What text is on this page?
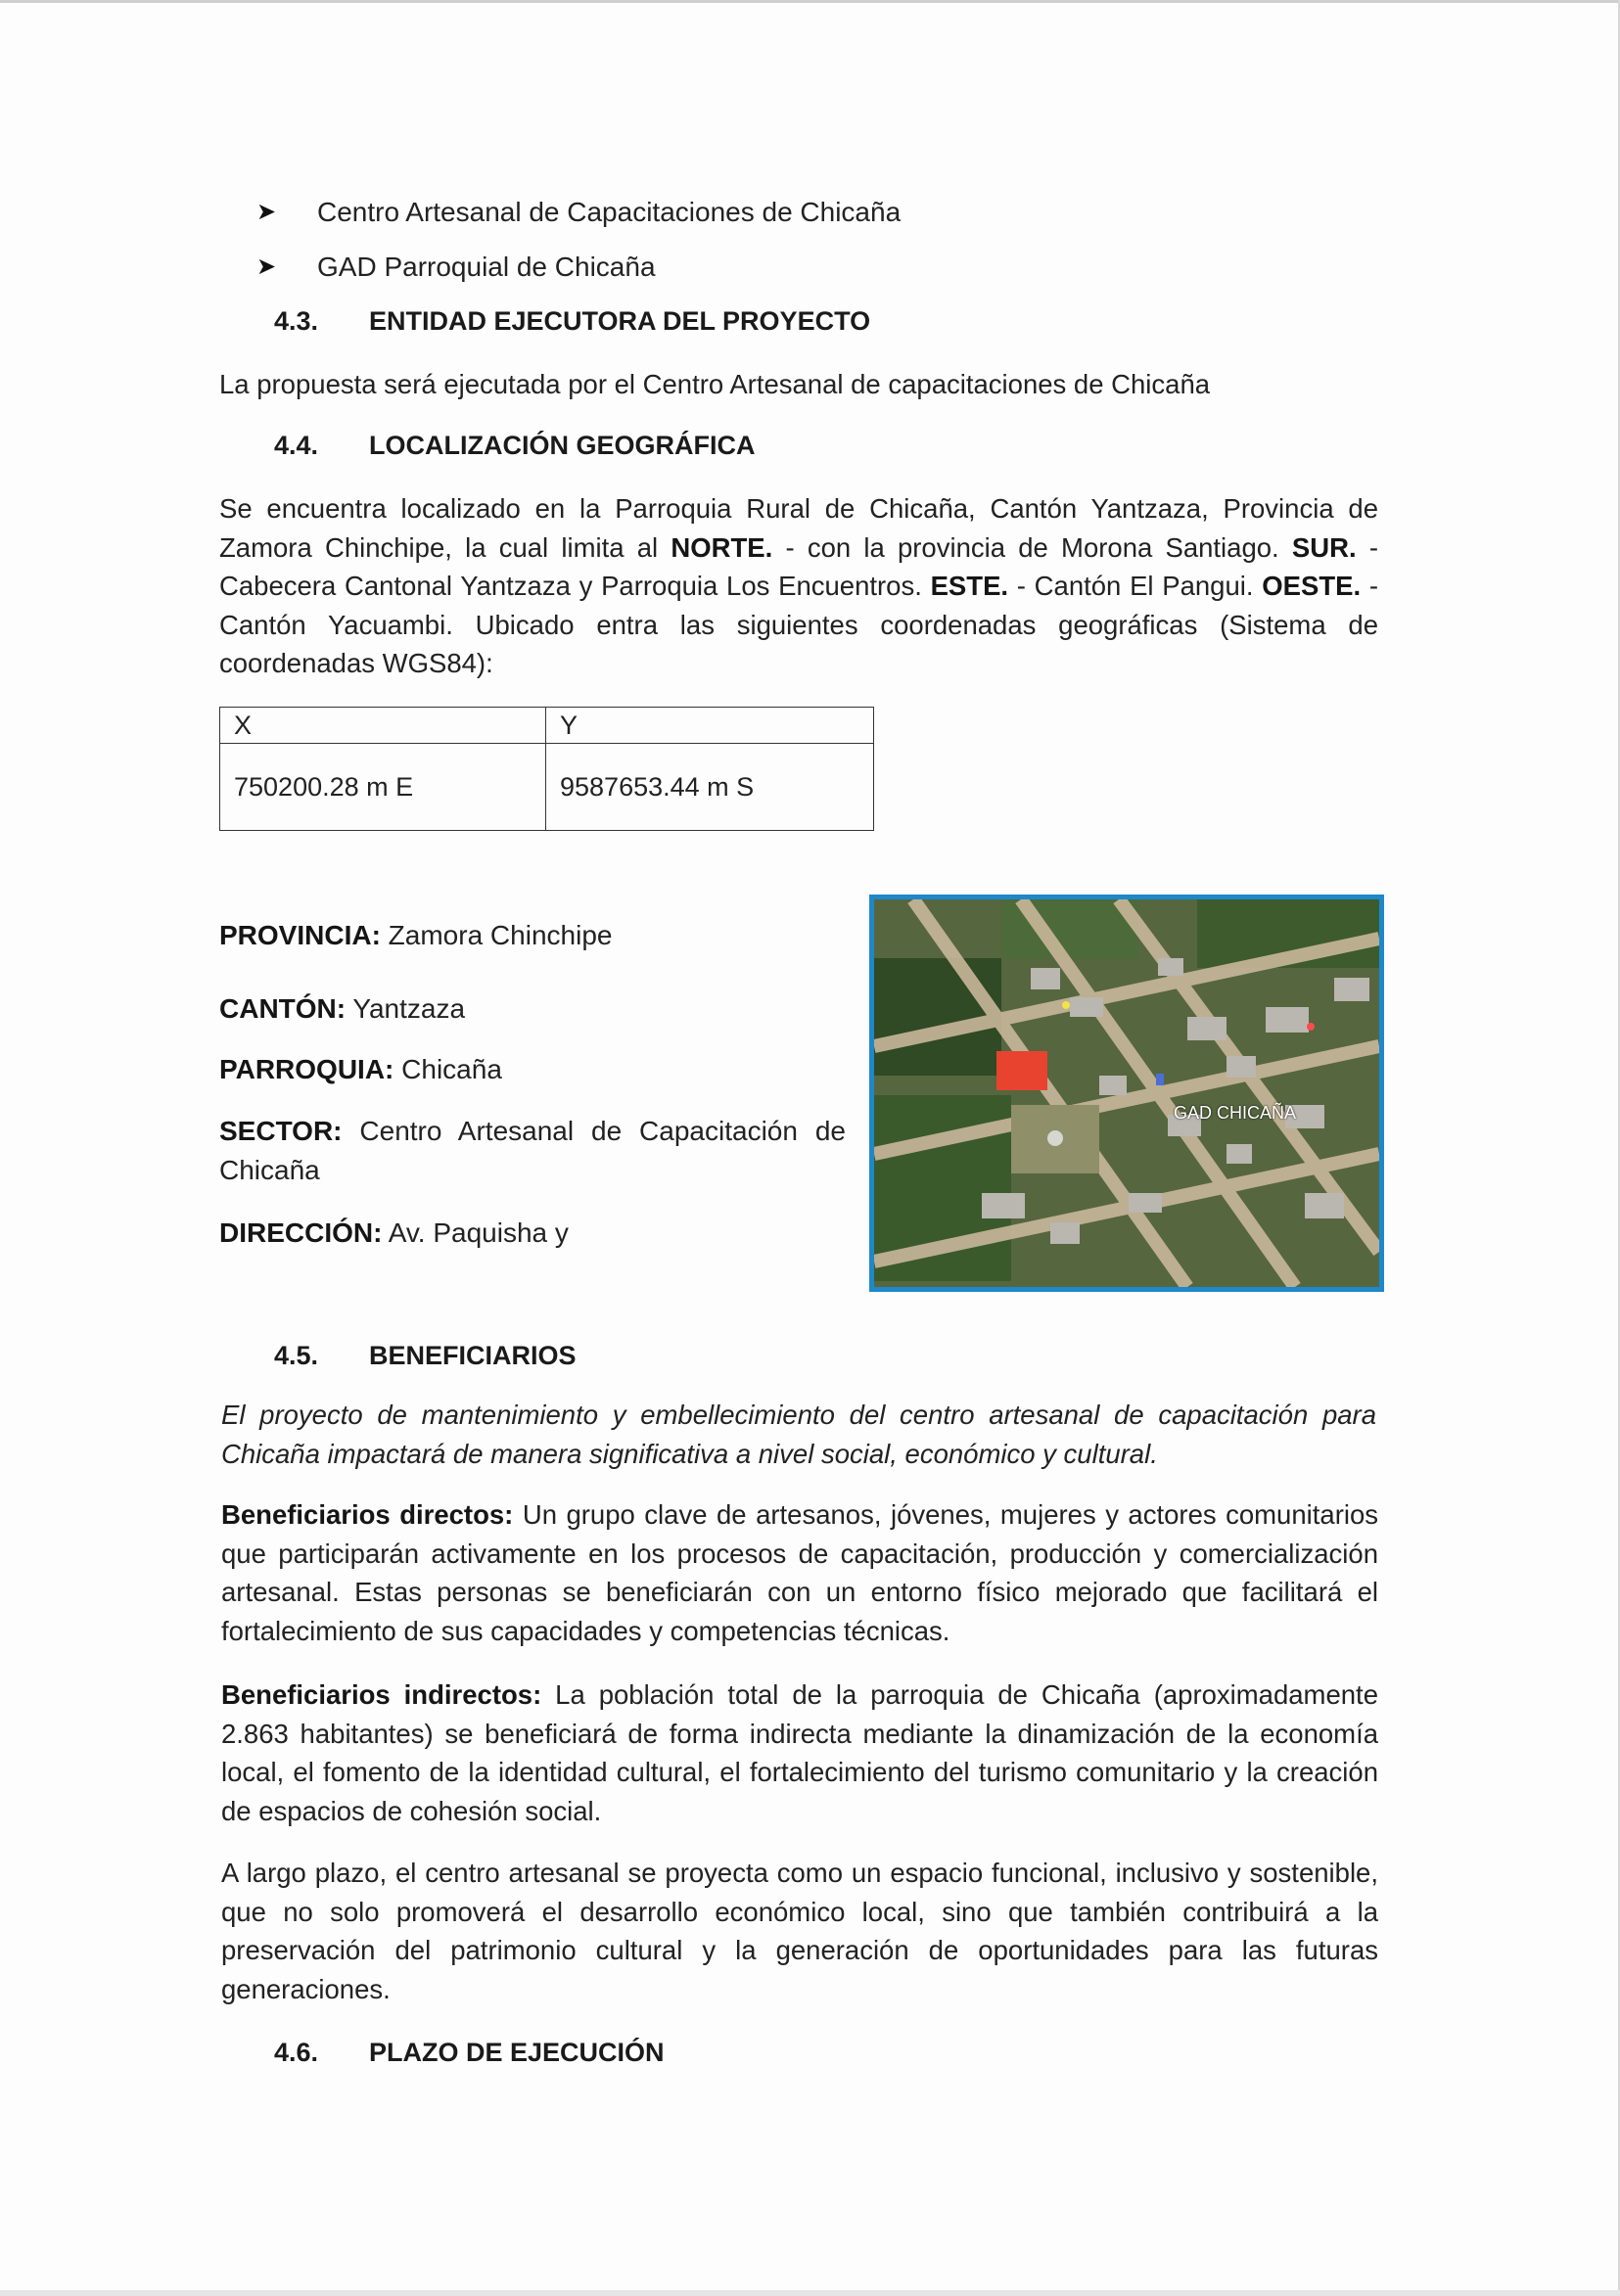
➤	Centro Artesanal de Capacitaciones de Chicaña
➤	GAD Parroquial de Chicaña
4.3. ENTIDAD EJECUTORA DEL PROYECTO
La propuesta será ejecutada por el Centro Artesanal de capacitaciones de Chicaña
4.4. LOCALIZACIÓN GEOGRÁFICA
Se encuentra localizado en la Parroquia Rural de Chicaña, Cantón Yantzaza, Provincia de Zamora Chinchipe, la cual limita al NORTE. - con la provincia de Morona Santiago. SUR. - Cabecera Cantonal Yantzaza y Parroquia Los Encuentros. ESTE. - Cantón El Pangui. OESTE. - Cantón Yacuambi. Ubicado entra las siguientes coordenadas geográficas (Sistema de coordenadas WGS84):
X	Y
750200.28 m E	9587653.44 m S
PROVINCIA: Zamora Chinchipe
CANTÓN: Yantzaza
PARROQUIA: Chicaña
SECTOR: Centro Artesanal de Capacitación de Chicaña
DIRECCIÓN: Av. Paquisha y
GAD CHICAÑA
4.5. BENEFICIARIOS
El proyecto de mantenimiento y embellecimiento del centro artesanal de capacitación para Chicaña impactará de manera significativa a nivel social, económico y cultural.
Beneficiarios directos: Un grupo clave de artesanos, jóvenes, mujeres y actores comunitarios que participarán activamente en los procesos de capacitación, producción y comercialización artesanal. Estas personas se beneficiarán con un entorno físico mejorado que facilitará el fortalecimiento de sus capacidades y competencias técnicas.
Beneficiarios indirectos: La población total de la parroquia de Chicaña (aproximadamente 2.863 habitantes) se beneficiará de forma indirecta mediante la dinamización de la economía local, el fomento de la identidad cultural, el fortalecimiento del turismo comunitario y la creación de espacios de cohesión social.
A largo plazo, el centro artesanal se proyecta como un espacio funcional, inclusivo y sostenible, que no solo promoverá el desarrollo económico local, sino que también contribuirá a la preservación del patrimonio cultural y la generación de oportunidades para las futuras generaciones.
4.6. PLAZO DE EJECUCIÓN
